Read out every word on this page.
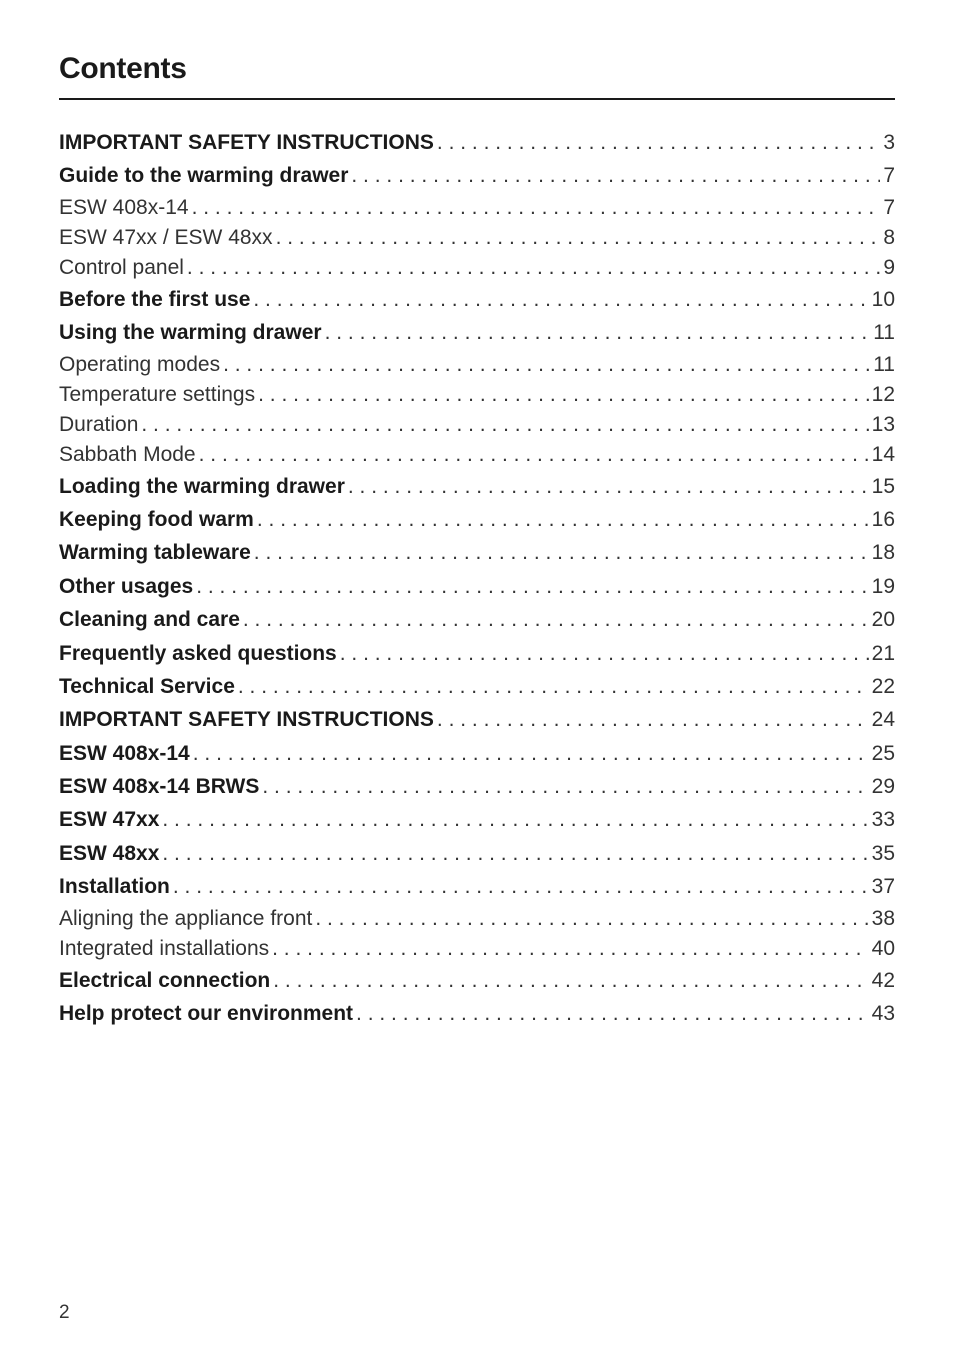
Contents
IMPORTANT SAFETY INSTRUCTIONS . . .	3
Guide to the warming drawer . . .	7
ESW 408x-14 . . .	7
ESW 47xx / ESW 48xx . . .	8
Control panel . . .	9
Before the first use . . .	10
Using the warming drawer . . .	11
Operating modes . . .	11
Temperature settings . . .	12
Duration . . .	13
Sabbath Mode . . .	14
Loading the warming drawer . . .	15
Keeping food warm . . .	16
Warming tableware . . .	18
Other usages . . .	19
Cleaning and care . . .	20
Frequently asked questions . . .	21
Technical Service . . .	22
IMPORTANT SAFETY INSTRUCTIONS . . .	24
ESW 408x-14 . . .	25
ESW 408x-14 BRWS . . .	29
ESW 47xx . . .	33
ESW 48xx . . .	35
Installation . . .	37
Aligning the appliance front . . .	38
Integrated installations . . .	40
Electrical connection . . .	42
Help protect our environment . . .	43
2
